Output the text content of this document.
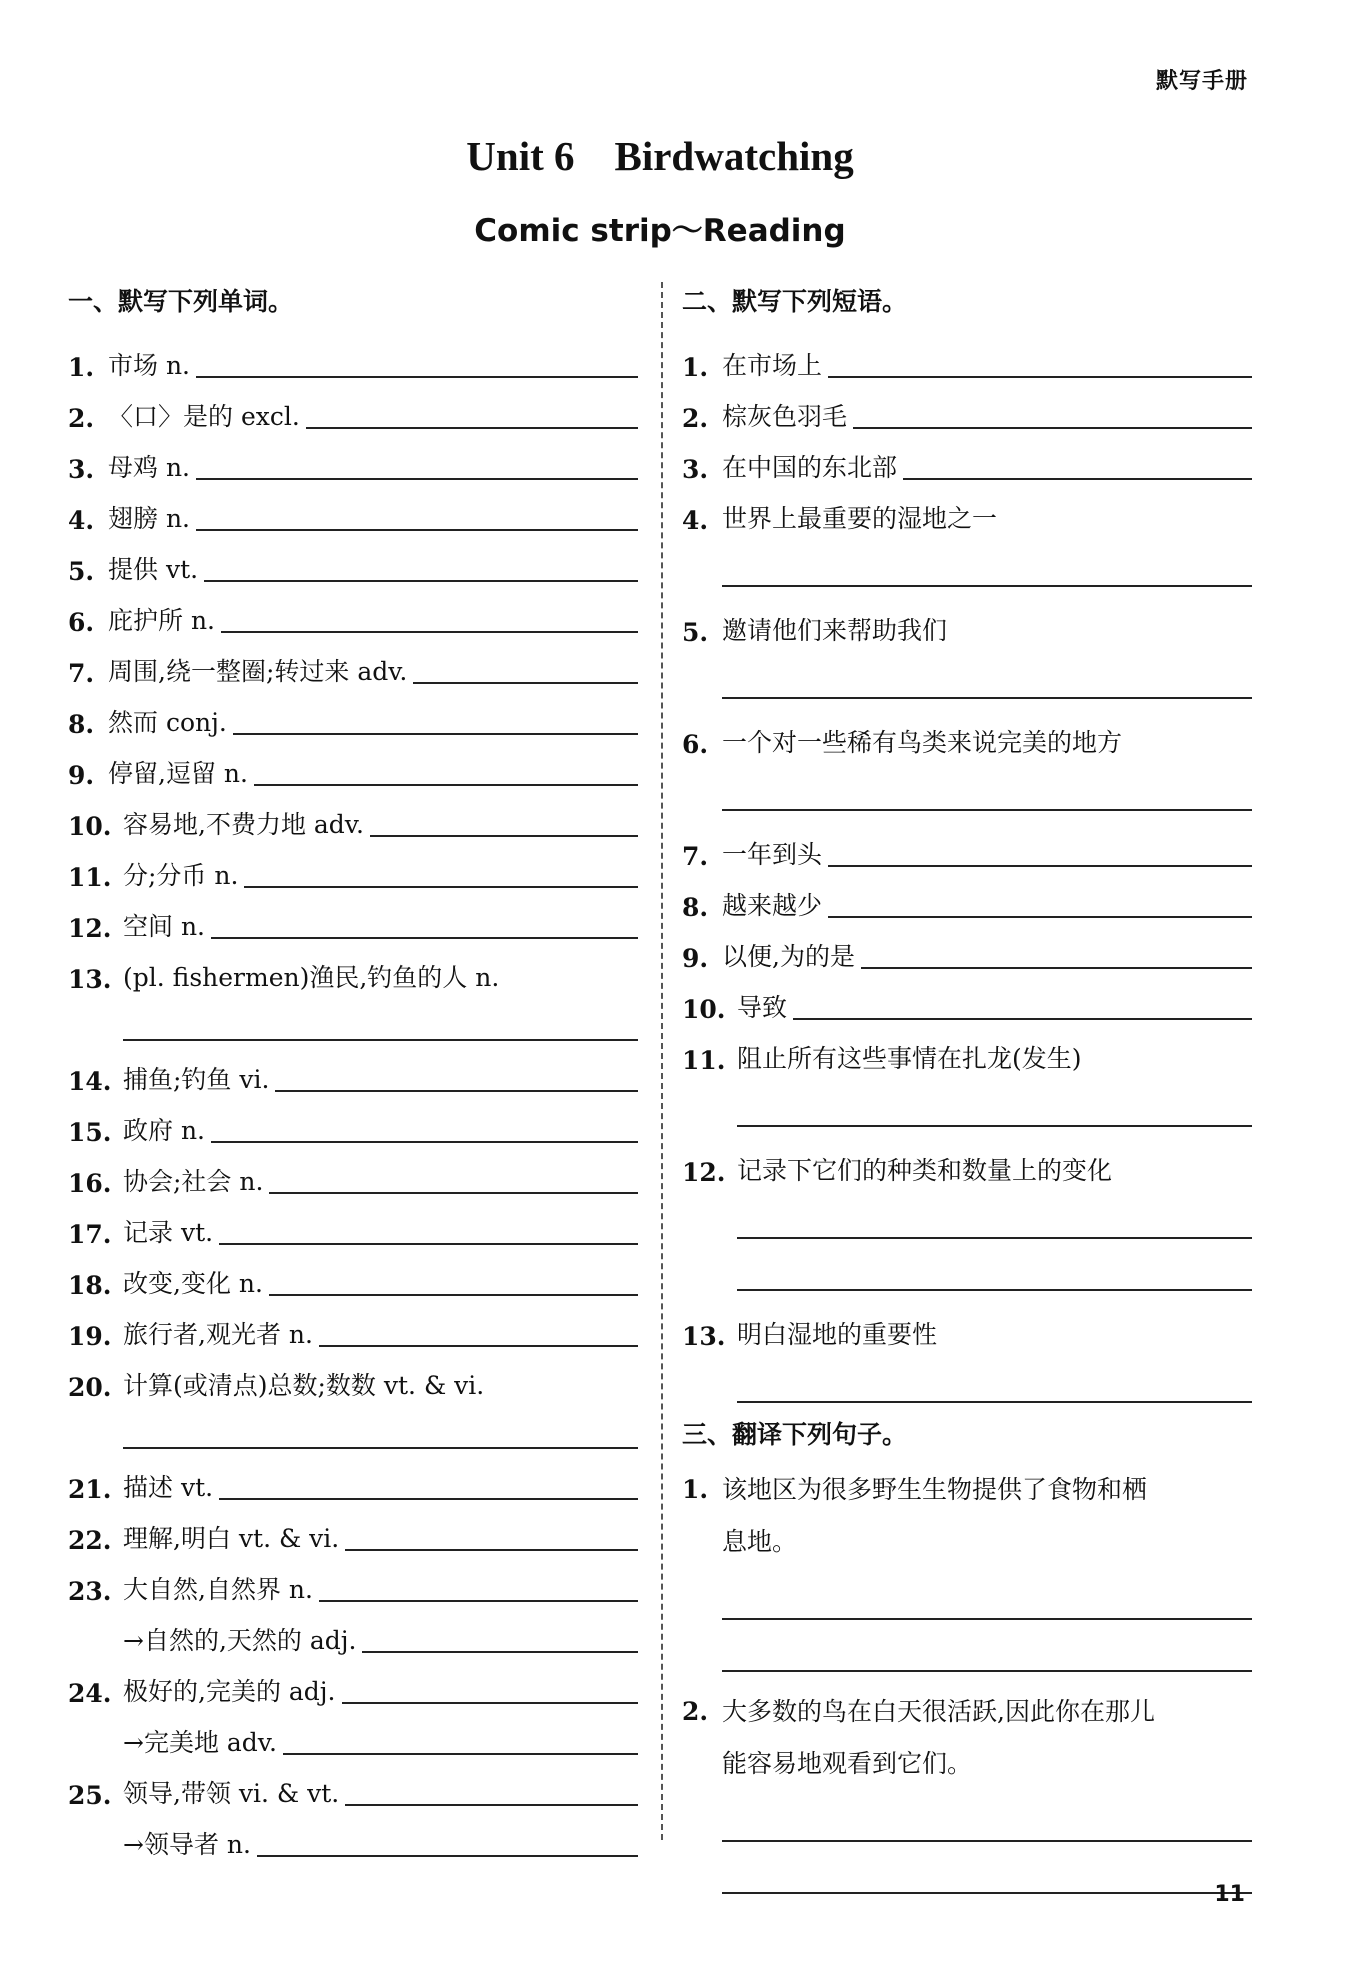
默写手册
Unit 6 Birdwatching
Comic strip～Reading
一、默写下列单词。
1. 市场 n.
2. 〈口〉是的 excl.
3. 母鸡 n.
4. 翅膀 n.
5. 提供 vt.
6. 庇护所 n.
7. 周围,绕一整圈;转过来 adv.
8. 然而 conj.
9. 停留,逗留 n.
10. 容易地,不费力地 adv.
11. 分;分币 n.
12. 空间 n.
13. (pl. fishermen)渔民,钓鱼的人 n.
14. 捕鱼;钓鱼 vi.
15. 政府 n.
16. 协会;社会 n.
17. 记录 vt.
18. 改变,变化 n.
19. 旅行者,观光者 n.
20. 计算(或清点)总数;数数 vt. & vi.
21. 描述 vt.
22. 理解,明白 vt. & vi.
23. 大自然,自然界 n.
→自然的,天然的 adj.
24. 极好的,完美的 adj.
→完美地 adv.
25. 领导,带领 vi. & vt.
→领导者 n.
二、默写下列短语。
1. 在市场上
2. 棕灰色羽毛
3. 在中国的东北部
4. 世界上最重要的湿地之一
5. 邀请他们来帮助我们
6. 一个对一些稀有鸟类来说完美的地方
7. 一年到头
8. 越来越少
9. 以便,为的是
10. 导致
11. 阻止所有这些事情在扎龙(发生)
12. 记录下它们的种类和数量上的变化
13. 明白湿地的重要性
三、翻译下列句子。
1. 该地区为很多野生生物提供了食物和栖
息地。
2. 大多数的鸟在白天很活跃,因此你在那儿
能容易地观看到它们。
11
